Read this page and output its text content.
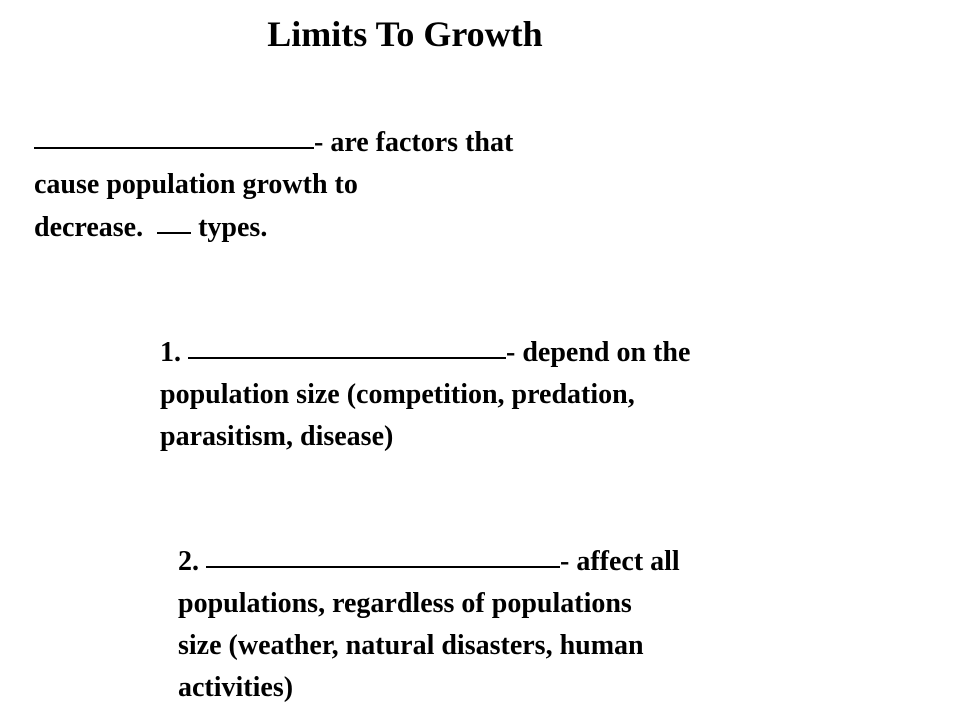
Limits To Growth
- are factors that
cause population growth to
decrease. types.
1.	- depend on the
population size (competition, predation,
parasitism, disease)
2.	- affect all
populations, regardless of populations
size (weather, natural disasters, human
activities)
